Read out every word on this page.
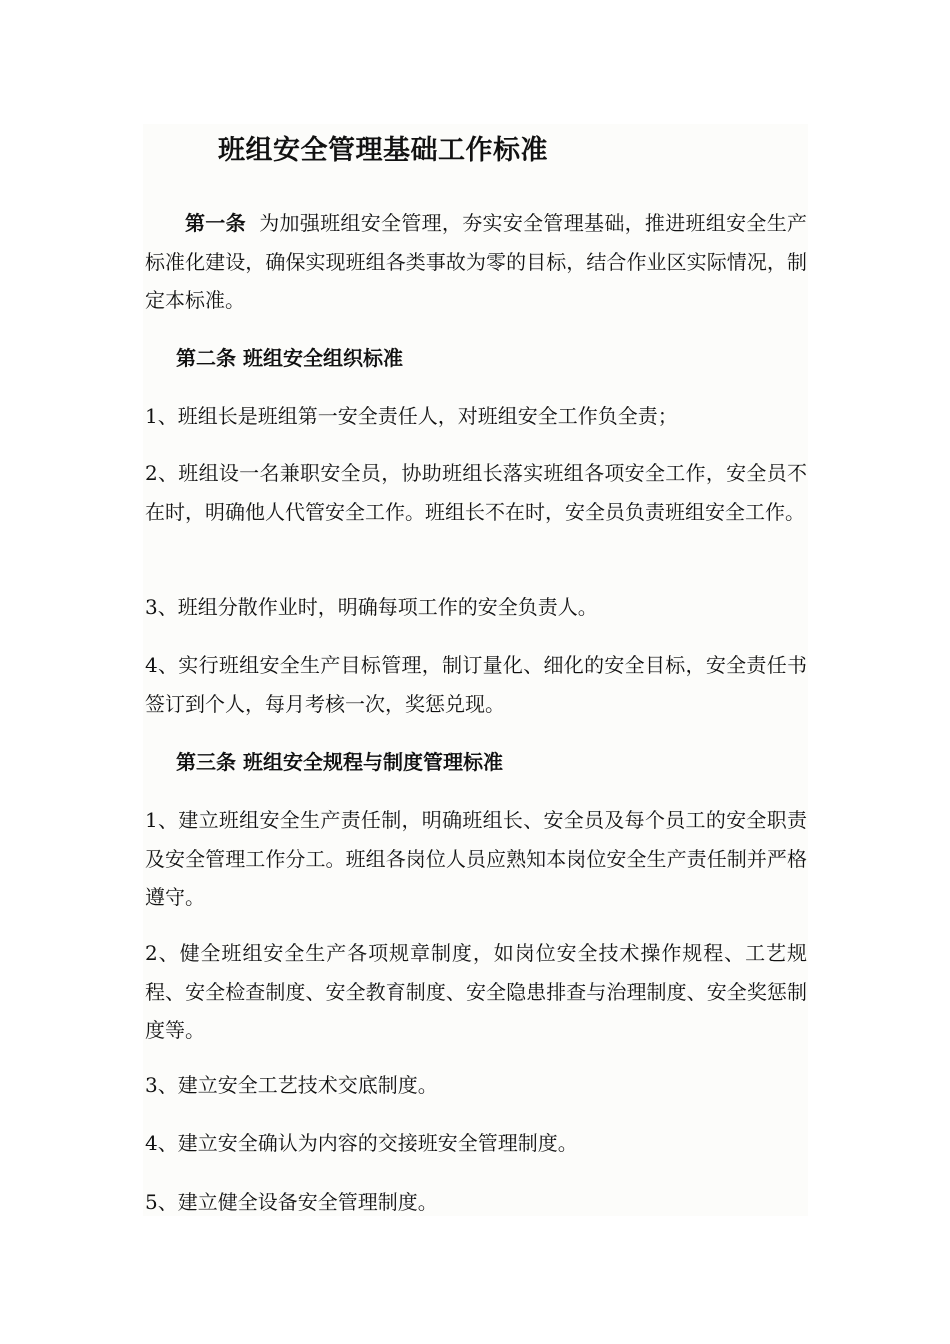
班组安全管理基础工作标准

第一条 为加强班组安全管理，夯实安全管理基础，推进班组安全生产标准化建设，确保实现班组各类事故为零的目标，结合作业区实际情况，制定本标准。

第二条 班组安全组织标准

1、班组长是班组第一安全责任人，对班组安全工作负全责；

2、班组设一名兼职安全员，协助班组长落实班组各项安全工作，安全员不在时，明确他人代管安全工作。班组长不在时，安全员负责班组安全工作。

3、班组分散作业时，明确每项工作的安全负责人。

4、实行班组安全生产目标管理，制订量化、细化的安全目标，安全责任书签订到个人，每月考核一次，奖惩兑现。

第三条 班组安全规程与制度管理标准

1、建立班组安全生产责任制，明确班组长、安全员及每个员工的安全职责及安全管理工作分工。班组各岗位人员应熟知本岗位安全生产责任制并严格遵守。

2、健全班组安全生产各项规章制度，如岗位安全技术操作规程、工艺规程、安全检查制度、安全教育制度、安全隐患排查与治理制度、安全奖惩制度等。

3、建立安全工艺技术交底制度。

4、建立安全确认为内容的交接班安全管理制度。

5、建立健全设备安全管理制度。
